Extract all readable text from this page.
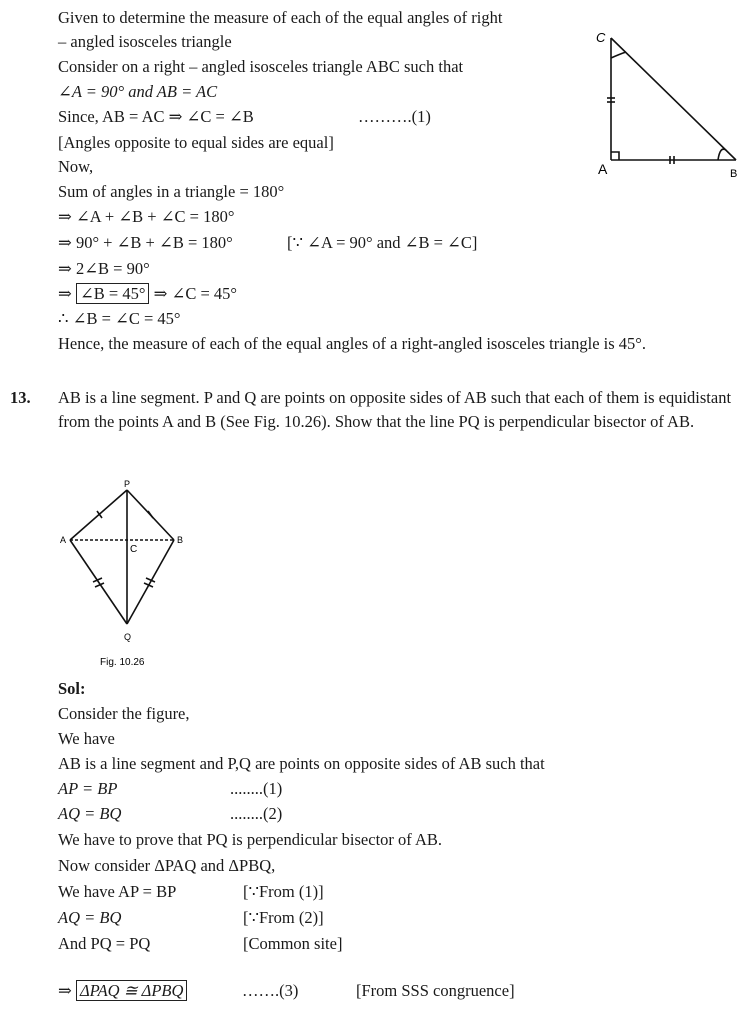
Given to determine the measure of each of the equal angles of right
– angled isosceles triangle
Consider on a right – angled isosceles triangle ABC such that
∠A = 90° and AB = AC
Since, AB = AC ⇒ ∠C = ∠B	……….(1)
[Angles opposite to equal sides are equal]
Now,
Sum of angles in a triangle = 180°
⇒ ∠A + ∠B + ∠C = 180°
⇒ 90° + ∠B + ∠B = 180°	[∵ ∠A = 90° and ∠B = ∠C]
⇒ 2∠B = 90°
⇒ ∠B = 45° ⇒ ∠C = 45°
∴ ∠B = ∠C = 45°
Hence, the measure of each of the equal angles of a right-angled isosceles triangle is 45°.
C
A	B
13. AB is a line segment. P and Q are points on opposite sides of AB such that each of them is equidistant from the points A and B (See Fig. 10.26). Show that the line PQ is perpendicular bisector of AB.
P
A	B
C
Q
Fig. 10.26
Sol:
Consider the figure,
We have
AB is a line segment and P,Q are points on opposite sides of AB such that
AP = BP	........(1)
AQ = BQ	........(2)
We have to prove that PQ is perpendicular bisector of AB.
Now consider ΔPAQ and ΔPBQ,
We have AP = BP	[∵From (1)]
AQ = BQ	[∵From (2)]
And PQ = PQ	[Common site]
⇒ ΔPAQ ≅ ΔPBQ	…….(3)	[From SSS congruence]
